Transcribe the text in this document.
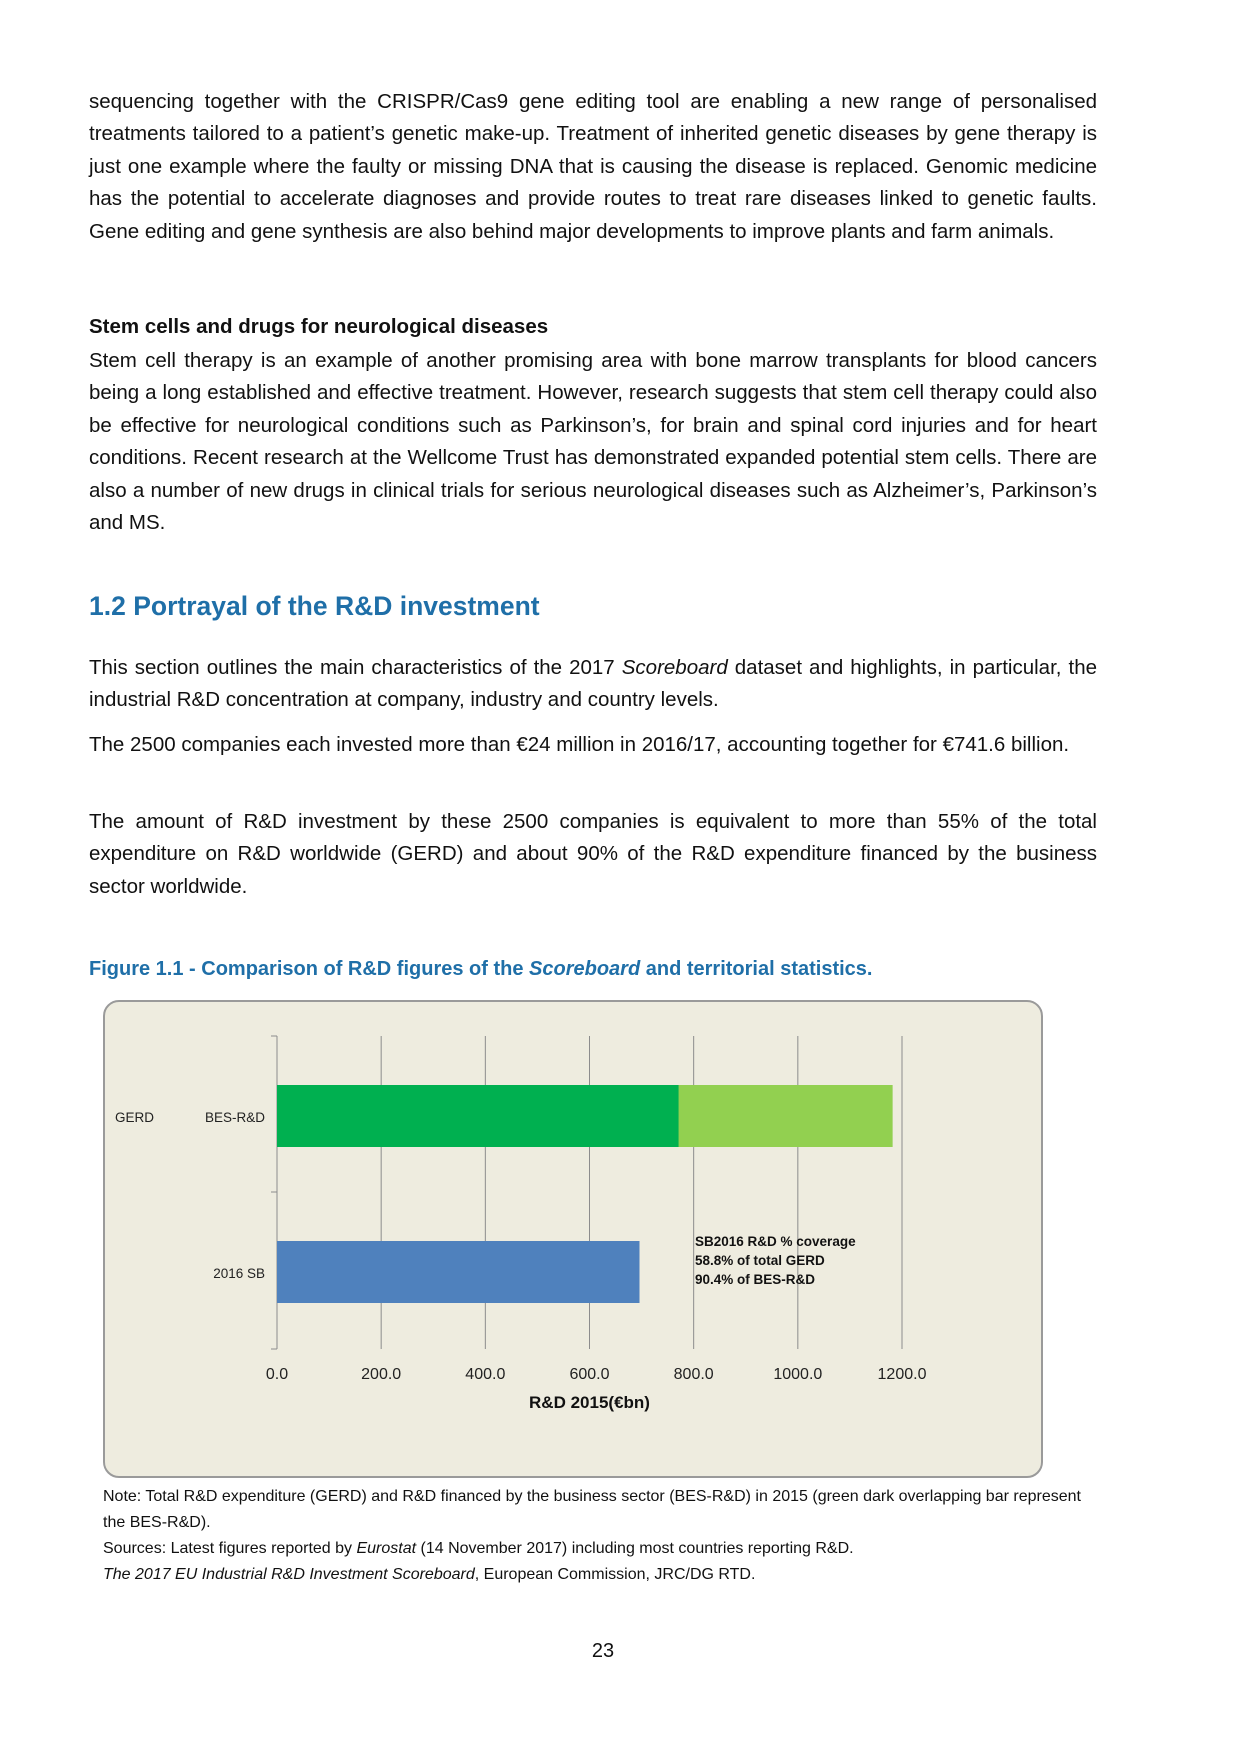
sequencing together with the CRISPR/Cas9 gene editing tool are enabling a new range of personalised treatments tailored to a patient’s genetic make-up. Treatment of inherited genetic diseases by gene therapy is just one example where the faulty or missing DNA that is causing the disease is replaced. Genomic medicine has the potential to accelerate diagnoses and provide routes to treat rare diseases linked to genetic faults. Gene editing and gene synthesis are also behind major developments to improve plants and farm animals.

Stem cells and drugs for neurological diseases

Stem cell therapy is an example of another promising area with bone marrow transplants for blood cancers being a long established and effective treatment. However, research suggests that stem cell therapy could also be effective for neurological conditions such as Parkinson’s, for brain and spinal cord injuries and for heart conditions. Recent research at the Wellcome Trust has demonstrated expanded potential stem cells. There are also a number of new drugs in clinical trials for serious neurological diseases such as Alzheimer’s, Parkinson’s and MS.

1.2 Portrayal of the R&D investment

This section outlines the main characteristics of the 2017 Scoreboard dataset and highlights, in particular, the industrial R&D concentration at company, industry and country levels.

The 2500 companies each invested more than €24 million in 2016/17, accounting together for €741.6 billion.

The amount of R&D investment by these 2500 companies is equivalent to more than 55% of the total expenditure on R&D worldwide (GERD) and about 90% of the R&D expenditure financed by the business sector worldwide.

Figure 1.1 - Comparison of R&D figures of the Scoreboard and territorial statistics.

0.0	200.0	400.0	600.0	800.0	1000.0	1200.0
GERD	BES-R&D
2016 SB
R&D 2015(€bn)
SB2016 R&D % coverage
58.8% of total GERD
90.4% of BES-R&D

Note: Total R&D expenditure (GERD) and R&D financed by the business sector (BES-R&D) in 2015 (green dark overlapping bar represent the BES-R&D).

Sources: Latest figures reported by Eurostat (14 November 2017) including most countries reporting R&D.

The 2017 EU Industrial R&D Investment Scoreboard, European Commission, JRC/DG RTD.

23
